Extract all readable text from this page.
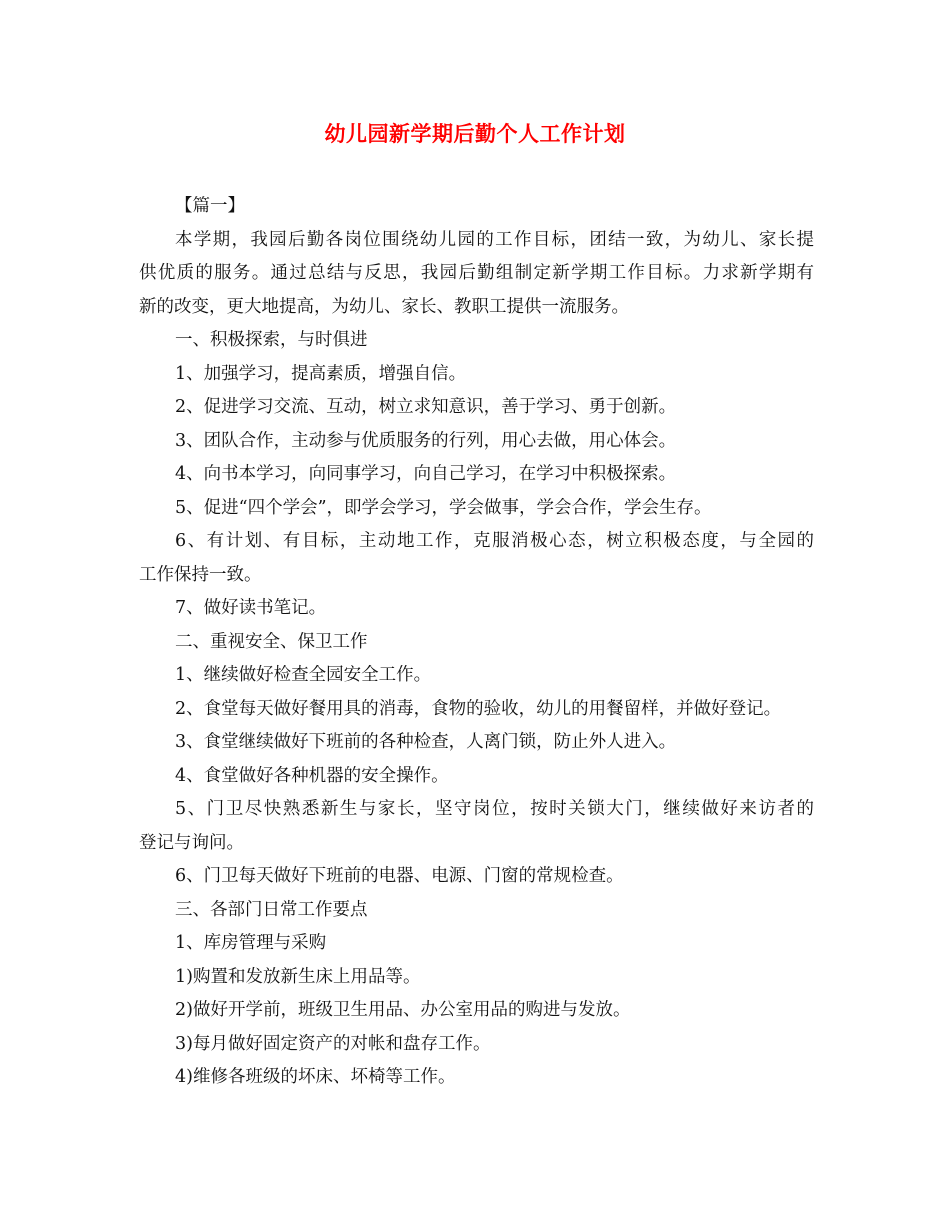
幼儿园新学期后勤个人工作计划

【篇一】

本学期，我园后勤各岗位围绕幼儿园的工作目标，团结一致，为幼儿、家长提

供优质的服务。通过总结与反思，我园后勤组制定新学期工作目标。力求新学期有

新的改变，更大地提高，为幼儿、家长、教职工提供一流服务。

一、积极探索，与时俱进

1、加强学习，提高素质，增强自信。

2、促进学习交流、互动，树立求知意识，善于学习、勇于创新。

3、团队合作，主动参与优质服务的行列，用心去做，用心体会。

4、向书本学习，向同事学习，向自己学习，在学习中积极探索。

5、促进“四个学会”，即学会学习，学会做事，学会合作，学会生存。

6、有计划、有目标，主动地工作，克服消极心态，树立积极态度，与全园的

工作保持一致。

7、做好读书笔记。

二、重视安全、保卫工作

1、继续做好检查全园安全工作。

2、食堂每天做好餐用具的消毒，食物的验收，幼儿的用餐留样，并做好登记。

3、食堂继续做好下班前的各种检查，人离门锁，防止外人进入。

4、食堂做好各种机器的安全操作。

5、门卫尽快熟悉新生与家长，坚守岗位，按时关锁大门，继续做好来访者的

登记与询问。

6、门卫每天做好下班前的电器、电源、门窗的常规检查。

三、各部门日常工作要点

1、库房管理与采购

1)购置和发放新生床上用品等。

2)做好开学前，班级卫生用品、办公室用品的购进与发放。

3)每月做好固定资产的对帐和盘存工作。

4)维修各班级的坏床、坏椅等工作。
